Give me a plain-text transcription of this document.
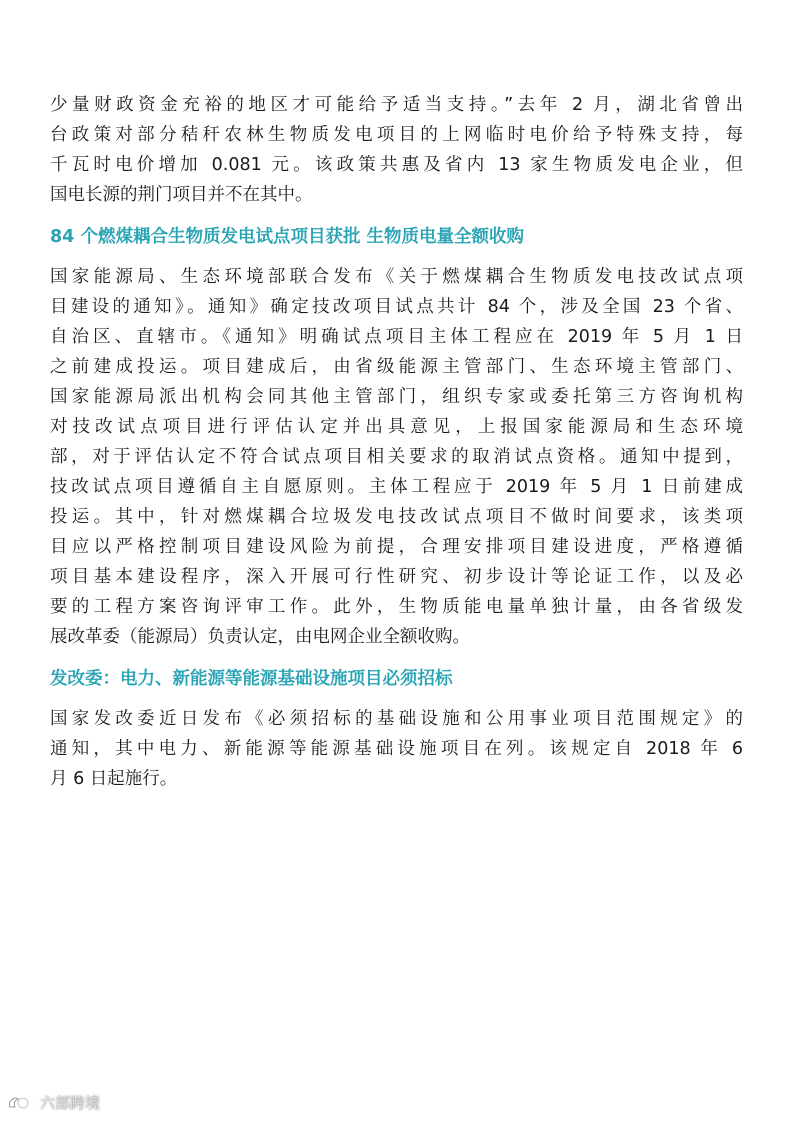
少量财政资金充裕的地区才可能给予适当支持。”去年 2 月，湖北省曾出
台政策对部分秸秆农林生物质发电项目的上网临时电价给予特殊支持，每
千瓦时电价增加 0.081 元。该政策共惠及省内 13 家生物质发电企业，但
国电长源的荆门项目并不在其中。
84 个燃煤耦合生物质发电试点项目获批 生物质电量全额收购
国家能源局、生态环境部联合发布《关于燃煤耦合生物质发电技改试点项
目建设的通知》。通知》确定技改项目试点共计 84 个，涉及全国 23 个省、
自治区、直辖市。《通知》明确试点项目主体工程应在 2019 年 5 月 1 日
之前建成投运。项目建成后，由省级能源主管部门、生态环境主管部门、
国家能源局派出机构会同其他主管部门，组织专家或委托第三方咨询机构
对技改试点项目进行评估认定并出具意见，上报国家能源局和生态环境
部，对于评估认定不符合试点项目相关要求的取消试点资格。通知中提到，
技改试点项目遵循自主自愿原则。主体工程应于 2019 年 5 月 1 日前建成
投运。其中，针对燃煤耦合垃圾发电技改试点项目不做时间要求，该类项
目应以严格控制项目建设风险为前提，合理安排项目建设进度，严格遵循
项目基本建设程序，深入开展可行性研究、初步设计等论证工作，以及必
要的工程方案咨询评审工作。此外，生物质能电量单独计量，由各省级发
展改革委（能源局）负责认定，由电网企业全额收购。
发改委：电力、新能源等能源基础设施项目必须招标
国家发改委近日发布《必须招标的基础设施和公用事业项目范围规定》的
通知，其中电力、新能源等能源基础设施项目在列。该规定自 2018 年 6
月 6 日起施行。
六部跨境
